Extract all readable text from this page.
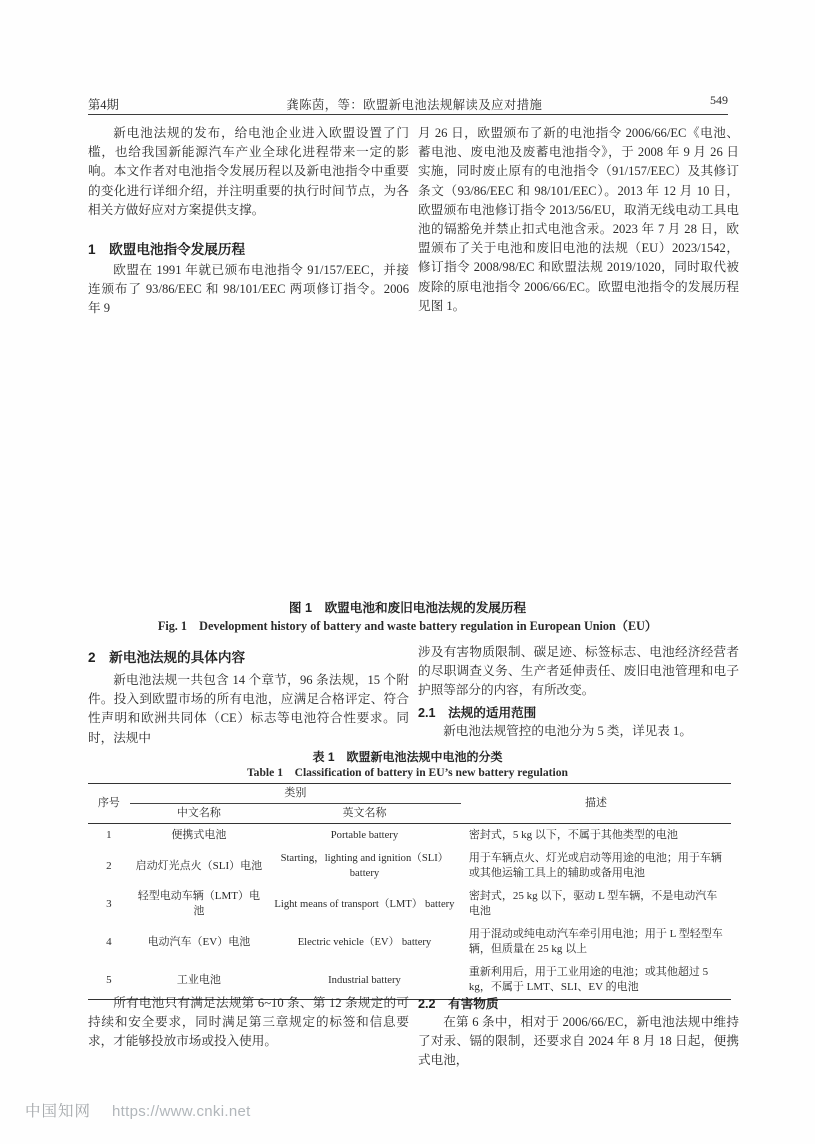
第4期	龚陈茵，等：欧盟新电池法规解读及应对措施	549
新电池法规的发布，给电池企业进入欧盟设置了门槛，也给我国新能源汽车产业全球化进程带来一定的影响。本文作者对电池指令发展历程以及新电池指令中重要的变化进行详细介绍，并注明重要的执行时间节点，为各相关方做好应对方案提供支撑。
1　欧盟电池指令发展历程
欧盟在 1991 年就已颁布电池指令 91/157/EEC，并接连颁布了 93/86/EEC 和 98/101/EEC 两项修订指令。2006 年 9
月 26 日，欧盟颁布了新的电池指令 2006/66/EC《电池、蓄电池、废电池及废蓄电池指令》，于 2008 年 9 月 26 日实施，同时废止原有的电池指令（91/157/EEC）及其修订条文（93/86/EEC 和 98/101/EEC）。2013 年 12 月 10 日，欧盟颁布电池修订指令 2013/56/EU，取消无线电动工具电池的镉豁免并禁止扣式电池含汞。2023 年 7 月 28 日，欧盟颁布了关于电池和废旧电池的法规（EU）2023/1542，修订指令 2008/98/EC 和欧盟法规 2019/1020，同时取代被废除的原电池指令 2006/66/EC。欧盟电池指令的发展历程见图 1。
图 1　欧盟电池和废旧电池法规的发展历程
Fig. 1　Development history of battery and waste battery regulation in European Union（EU）
2　新电池法规的具体内容
新电池法规一共包含 14 个章节，96 条法规，15 个附件。投入到欧盟市场的所有电池，应满足合格评定、符合性声明和欧洲共同体（CE）标志等电池符合性要求。同时，法规中
涉及有害物质限制、碳足迹、标签标志、电池经济经营者的尽职调查义务、生产者延伸责任、废旧电池管理和电子护照等部分的内容，有所改变。
2.1　法规的适用范围
新电池法规管控的电池分为 5 类，详见表 1。
表 1　欧盟新电池法规中电池的分类
Table 1　Classification of battery in EU’s new battery regulation
序号	类别		描述
	中文名称	英文名称	
1	便携式电池	Portable battery	密封式，5 kg 以下，不属于其他类型的电池
2	启动灯光点火（SLI）电池	Starting，lighting and ignition（SLI） battery	用于车辆点火、灯光或启动等用途的电池；用于车辆或其他运输工具上的辅助或备用电池
3	轻型电动车辆（LMT）电池	Light means of transport（LMT） battery	密封式，25 kg 以下，驱动 L 型车辆，不是电动汽车电池
4	电动汽车（EV）电池	Electric vehicle（EV） battery	用于混动或纯电动汽车牵引用电池；用于 L 型轻型车辆，但质量在 25 kg 以上
5	工业电池	Industrial battery	重新利用后，用于工业用途的电池；或其他超过 5 kg，不属于 LMT、SLI、EV 的电池
所有电池只有满足法规第 6~10 条、第 12 条规定的可持续和安全要求，同时满足第三章规定的标签和信息要求，才能够投放市场或投入使用。
2.2　有害物质
在第 6 条中，相对于 2006/66/EC，新电池法规中维持了对汞、镉的限制，还要求自 2024 年 8 月 18 日起，便携式电池，
中国知网 https://www.cnki.net
